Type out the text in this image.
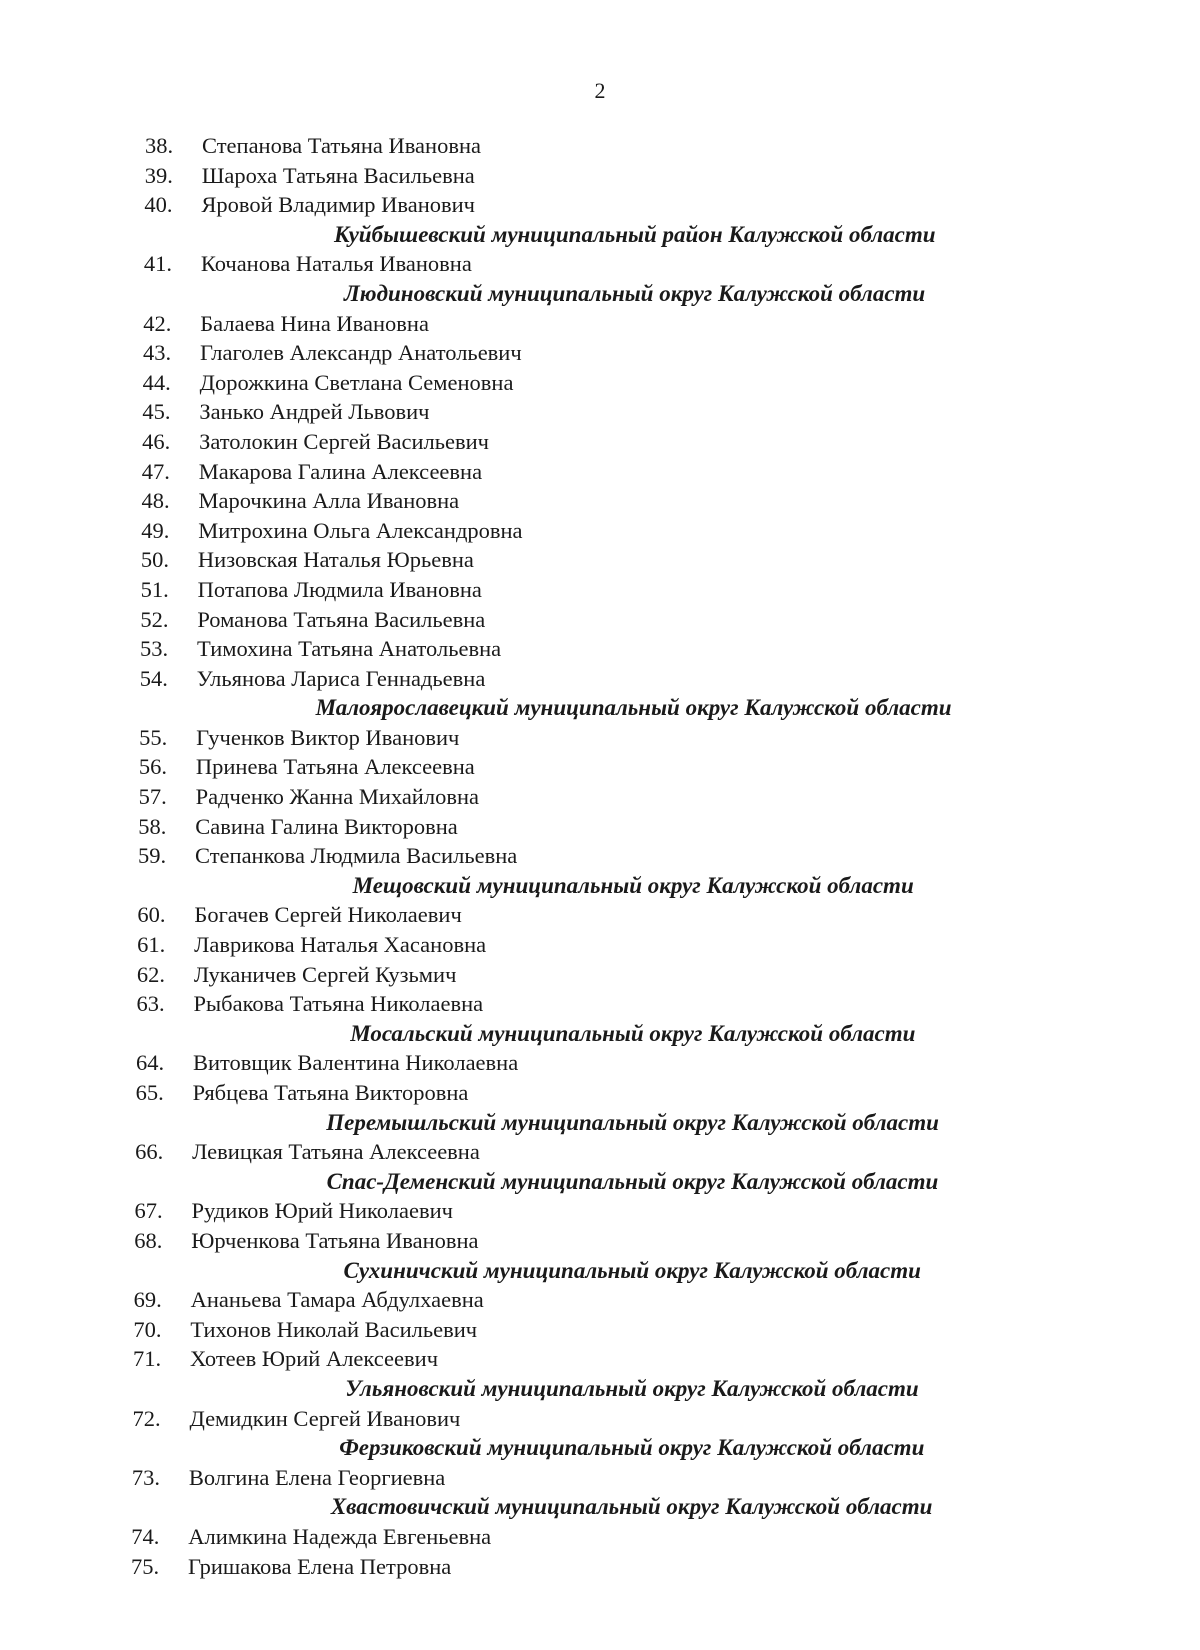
2
38.	Степанова Татьяна Ивановна
39.	Шароха Татьяна Васильевна
40.	Яровой Владимир Иванович
Куйбышевский муниципальный район Калужской области
41.	Кочанова Наталья Ивановна
Людиновский муниципальный округ Калужской области
42.	Балаева Нина Ивановна
43.	Глаголев Александр Анатольевич
44.	Дорожкина Светлана Семеновна
45.	Занько Андрей Львович
46.	Затолокин Сергей Васильевич
47.	Макарова Галина Алексеевна
48.	Марочкина Алла Ивановна
49.	Митрохина Ольга Александровна
50.	Низовская Наталья Юрьевна
51.	Потапова Людмила Ивановна
52.	Романова Татьяна Васильевна
53.	Тимохина Татьяна Анатольевна
54.	Ульянова Лариса Геннадьевна
Малоярославецкий муниципальный округ Калужской области
55.	Гученков Виктор Иванович
56.	Принева Татьяна Алексеевна
57.	Радченко Жанна Михайловна
58.	Савина Галина Викторовна
59.	Степанкова Людмила Васильевна
Мещовский муниципальный округ Калужской области
60.	Богачев Сергей Николаевич
61.	Лаврикова Наталья Хасановна
62.	Луканичев Сергей Кузьмич
63.	Рыбакова Татьяна Николаевна
Мосальский муниципальный округ Калужской области
64.	Витовщик Валентина Николаевна
65.	Рябцева Татьяна Викторовна
Перемышльский муниципальный округ Калужской области
66.	Левицкая Татьяна Алексеевна
Спас-Деменский муниципальный округ Калужской области
67.	Рудиков Юрий Николаевич
68.	Юрченкова Татьяна Ивановна
Сухиничский муниципальный округ Калужской области
69.	Ананьева Тамара Абдулхаевна
70.	Тихонов Николай Васильевич
71.	Хотеев Юрий Алексеевич
Ульяновский муниципальный округ Калужской области
72.	Демидкин Сергей Иванович
Ферзиковский муниципальный округ Калужской области
73.	Волгина Елена Георгиевна
Хвастовичский муниципальный округ Калужской области
74.	Алимкина Надежда Евгеньевна
75.	Гришакова Елена Петровна
